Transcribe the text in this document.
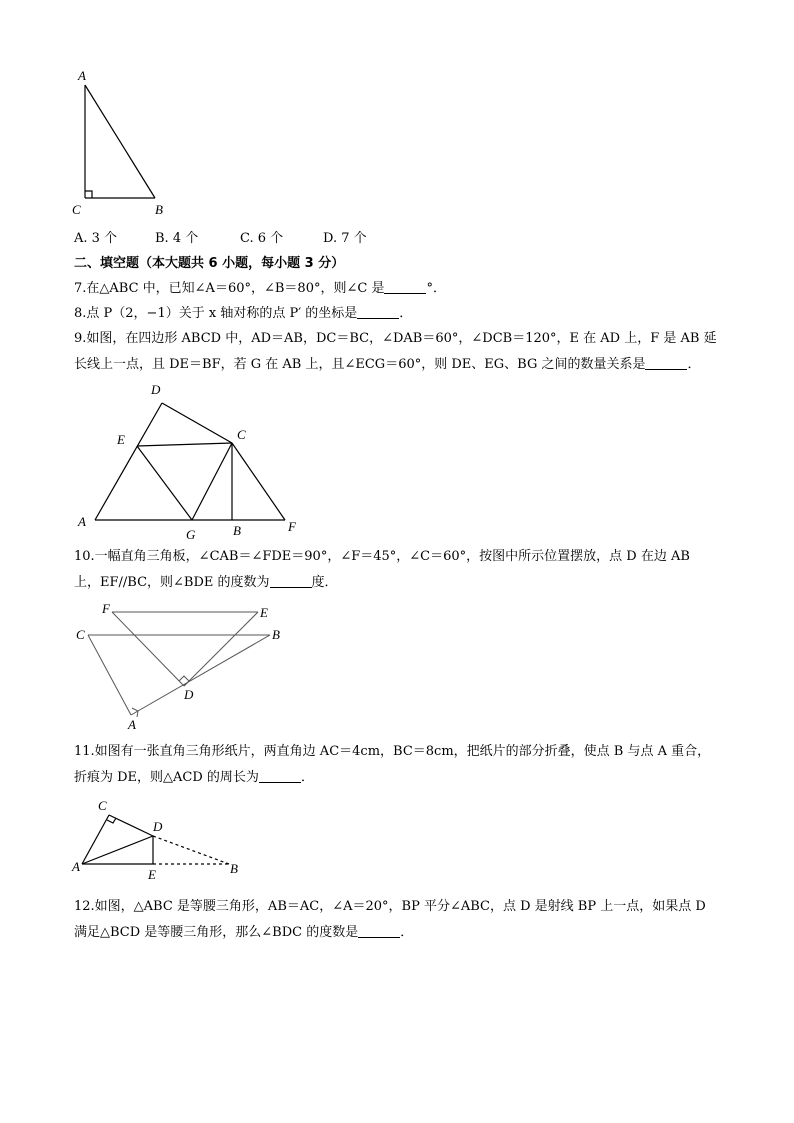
A
C	B
A. 3 个	B. 4 个	C. 6 个	D. 7 个
二、填空题（本大题共 6 小题，每小题 3 分）
7.在△ABC 中，已知∠A＝60°，∠B＝80°，则∠C 是	°．
8.点 P（2，−1）关于 x 轴对称的点 P′ 的坐标是	．
9.如图，在四边形 ABCD 中，AD＝AB，DC＝BC，∠DAB＝60°，∠DCB＝120°，E 在 AD 上，F 是 AB 延
长线上一点，且 DE＝BF，若 G 在 AB 上，且∠ECG＝60°，则 DE、EG、BG 之间的数量关系是	．
D
E	C
A
G	B	F
10.一幅直角三角板，∠CAB＝∠FDE＝90°，∠F＝45°，∠C＝60°，按图中所示位置摆放，点 D 在边 AB
上，EF//BC，则∠BDE 的度数为	度．
F	E
C	B
D
A
11.如图有一张直角三角形纸片，两直角边 AC＝4cm，BC＝8cm，把纸片的部分折叠，使点 B 与点 A 重合，
折痕为 DE，则△ACD 的周长为	．
C
D
A
E	B
12.如图，△ABC 是等腰三角形，AB＝AC，∠A＝20°，BP 平分∠ABC，点 D 是射线 BP 上一点，如果点 D
满足△BCD 是等腰三角形，那么∠BDC 的度数是	．
